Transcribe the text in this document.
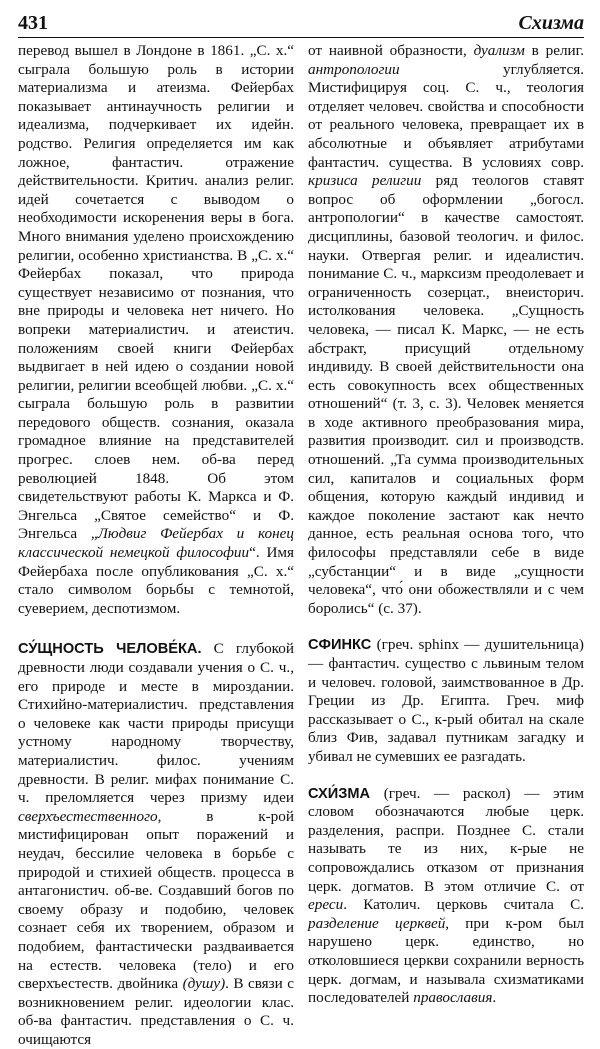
431	Схизма

перевод вышел в Лондоне в 1861. „С. х.“ сыграла большую роль в истории материализма и атеизма. Фейербах показывает антинаучность религии и идеализма, подчеркивает их идейн. родство. Религия определяется им как ложное, фантастич. отражение действительности. Критич. анализ религ. идей сочетается с выводом о необходимости искоренения веры в бога. Много внимания уделено происхождению религии, особенно христианства. В „С. х.“ Фейербах показал, что природа существует независимо от познания, что вне природы и человека нет ничего. Но вопреки материалистич. и атеистич. положениям своей книги Фейербах выдвигает в ней идею о создании новой религии, религии всеобщей любви. „С. х.“ сыграла большую роль в развитии передового обществ. сознания, оказала громадное влияние на представителей прогрес. слоев нем. об-ва перед революцией 1848. Об этом свидетельствуют работы К. Маркса и Ф. Энгельса „Святое семейство“ и Ф. Энгельса „Людвиг Фейербах и конец классической немецкой философии“. Имя Фейербаха после опубликования „С. х.“ стало символом борьбы с темнотой, суеверием, деспотизмом.

СУ́ЩНОСТЬ ЧЕЛОВЕ́КА. С глубокой древности люди создавали учения о С. ч., его природе и месте в мироздании. Стихийно-материалистич. представления о человеке как части природы присущи устному народному творчеству, материалистич. филос. учениям древности. В религ. мифах понимание С. ч. преломляется через призму идеи сверхъестественного, в к-рой мистифицирован опыт поражений и неудач, бессилие человека в борьбе с природой и стихией обществ. процесса в антагонистич. об-ве. Создавший богов по своему образу и подобию, человек сознает себя их творением, образом и подобием, фантастически раздваивается на естеств. человека (тело) и его сверхъестеств. двойника (душу). В связи с возникновением религ. идеологии клас. об-ва фантастич. представления о С. ч. очищаются

от наивной образности, дуализм в религ. антропологии углубляется. Мистифицируя соц. С. ч., теология отделяет человеч. свойства и способности от реального человека, превращает их в абсолютные и объявляет атрибутами фантастич. существа. В условиях совр. кризиса религии ряд теологов ставят вопрос об оформлении „богосл. антропологии“ в качестве самостоят. дисциплины, базовой теологич. и филос. науки. Отвергая религ. и идеалистич. понимание С. ч., марксизм преодолевает и ограниченность созерцат., внеисторич. истолкования человека. „Сущность человека, — писал К. Маркс, — не есть абстракт, присущий отдельному индивиду. В своей действительности она есть совокупность всех общественных отношений“ (т. 3, с. 3). Человек меняется в ходе активного преобразования мира, развития производит. сил и производств. отношений. „Та сумма производительных сил, капиталов и социальных форм общения, которую каждый индивид и каждое поколение застают как нечто данное, есть реальная основа того, что философы представляли себе в виде „субстанции“ и в виде „сущности человека“, что́ они обожествляли и с чем боролись“ (с. 37).

СФИНКС (греч. sphinx — душительница) — фантастич. существо с львиным телом и человеч. головой, заимствованное в Др. Греции из Др. Египта. Греч. миф рассказывает о С., к-рый обитал на скале близ Фив, задавал путникам загадку и убивал не сумевших ее разгадать.

СХИ́ЗМА (греч. — раскол) — этим словом обозначаются любые церк. разделения, распри. Позднее С. стали называть те из них, к-рые не сопровождались отказом от признания церк. догматов. В этом отличие С. от ереси. Католич. церковь считала С. разделение церквей, при к-ром был нарушено церк. единство, но отколовшиеся церкви сохранили верность церк. догмам, и называла схизматиками последователей православия.
